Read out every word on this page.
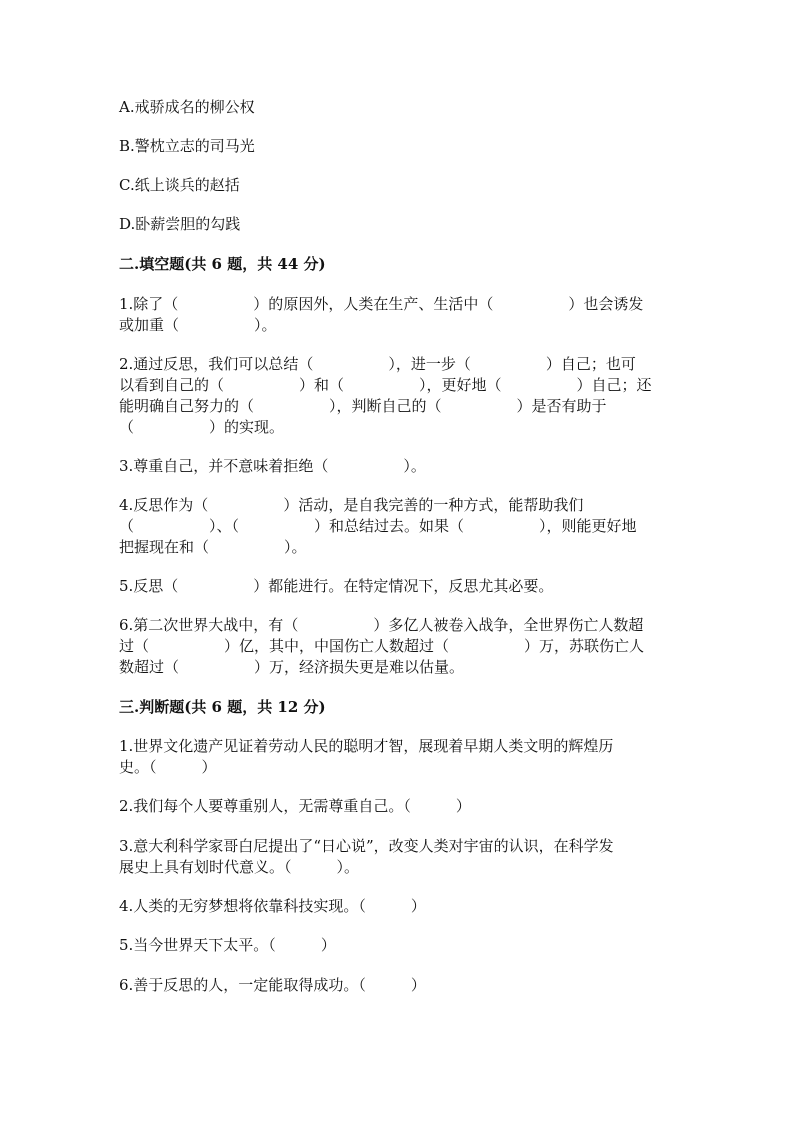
A.戒骄成名的柳公权
B.警枕立志的司马光
C.纸上谈兵的赵括
D.卧薪尝胆的勾践
二.填空题(共 6 题，共 44 分)
1.除了（　　　　　）的原因外，人类在生产、生活中（　　　　　）也会诱发
或加重（　　　　　）。
2.通过反思，我们可以总结（　　　　　），进一步（　　　　　）自己；也可
以看到自己的（　　　　　）和（　　　　　），更好地（　　　　　）自己；还
能明确自己努力的（　　　　　），判断自己的（　　　　　）是否有助于
（　　　　　）的实现。
3.尊重自己，并不意味着拒绝（　　　　　）。
4.反思作为（　　　　　）活动，是自我完善的一种方式，能帮助我们
（　　　　　）、（　　　　　）和总结过去。如果（　　　　　），则能更好地
把握现在和（　　　　　）。
5.反思（　　　　　）都能进行。在特定情况下，反思尤其必要。
6.第二次世界大战中，有（　　　　　）多亿人被卷入战争，全世界伤亡人数超
过（　　　　　）亿，其中，中国伤亡人数超过（　　　　　）万，苏联伤亡人
数超过（　　　　　）万，经济损失更是难以估量。
三.判断题(共 6 题，共 12 分)
1.世界文化遗产见证着劳动人民的聪明才智，展现着早期人类文明的辉煌历
史。（　　　）
2.我们每个人要尊重别人，无需尊重自己。（　　　）
3.意大利科学家哥白尼提出了“日心说”，改变人类对宇宙的认识，在科学发
展史上具有划时代意义。（　　　）。
4.人类的无穷梦想将依靠科技实现。（　　　）
5.当今世界天下太平。（　　　）
6.善于反思的人，一定能取得成功。（　　　）
